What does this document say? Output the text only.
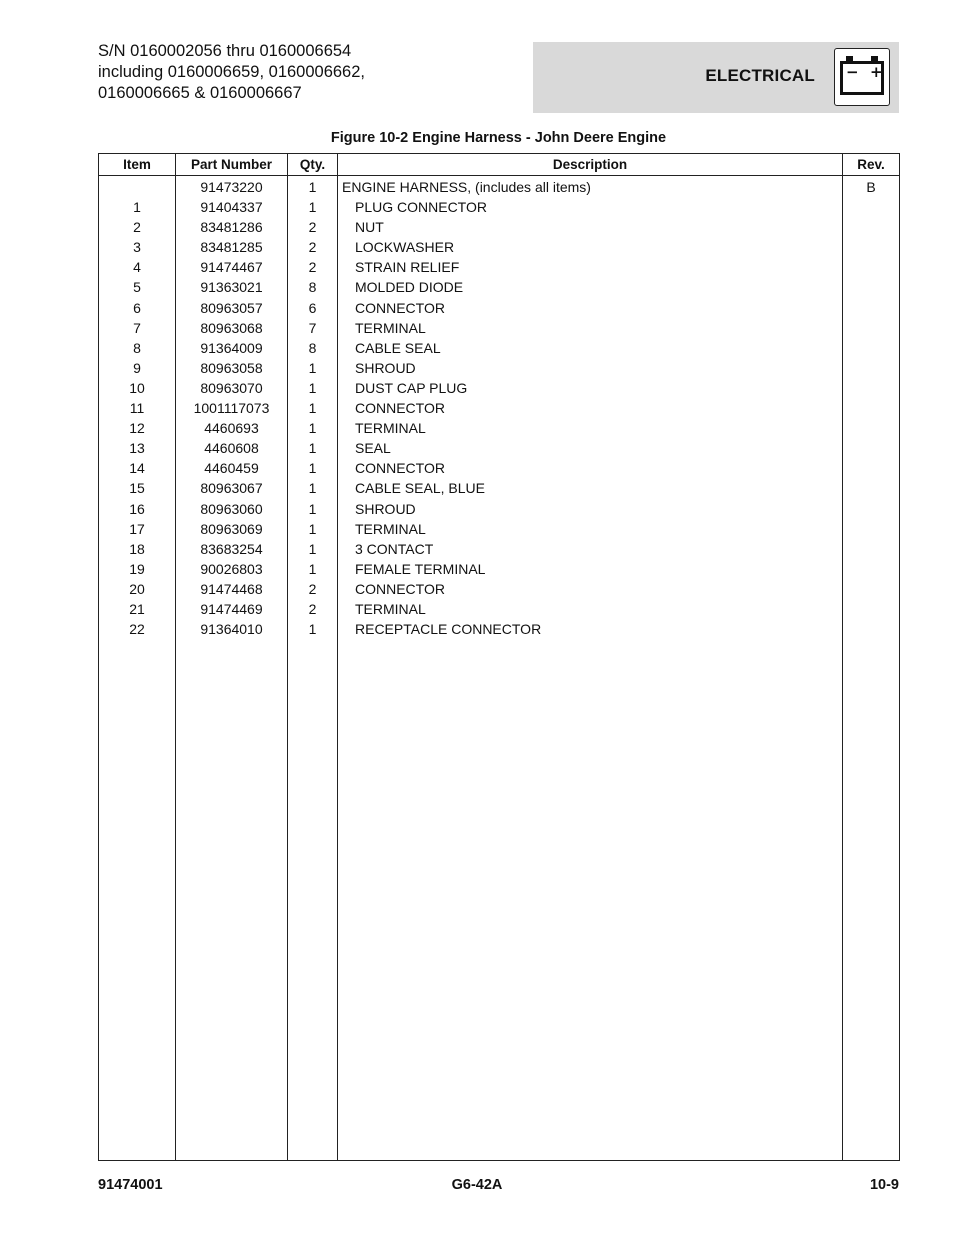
S/N 0160002056 thru 0160006654
including 0160006659, 0160006662,
0160006665 & 0160006667
ELECTRICAL − +
Figure 10-2 Engine Harness - John Deere Engine
Item	Part Number	Qty.	Description	Rev.
	91473220	1	ENGINE HARNESS, (includes all items)	B
1	91404337	1	PLUG CONNECTOR	
2	83481286	2	NUT	
3	83481285	2	LOCKWASHER	
4	91474467	2	STRAIN RELIEF	
5	91363021	8	MOLDED DIODE	
6	80963057	6	CONNECTOR	
7	80963068	7	TERMINAL	
8	91364009	8	CABLE SEAL	
9	80963058	1	SHROUD	
10	80963070	1	DUST CAP PLUG	
11	1001117073	1	CONNECTOR	
12	4460693	1	TERMINAL	
13	4460608	1	SEAL	
14	4460459	1	CONNECTOR	
15	80963067	1	CABLE SEAL, BLUE	
16	80963060	1	SHROUD	
17	80963069	1	TERMINAL	
18	83683254	1	3 CONTACT	
19	90026803	1	FEMALE TERMINAL	
20	91474468	2	CONNECTOR	
21	91474469	2	TERMINAL	
22	91364010	1	RECEPTACLE CONNECTOR	

91474001	G6-42A	10-9
